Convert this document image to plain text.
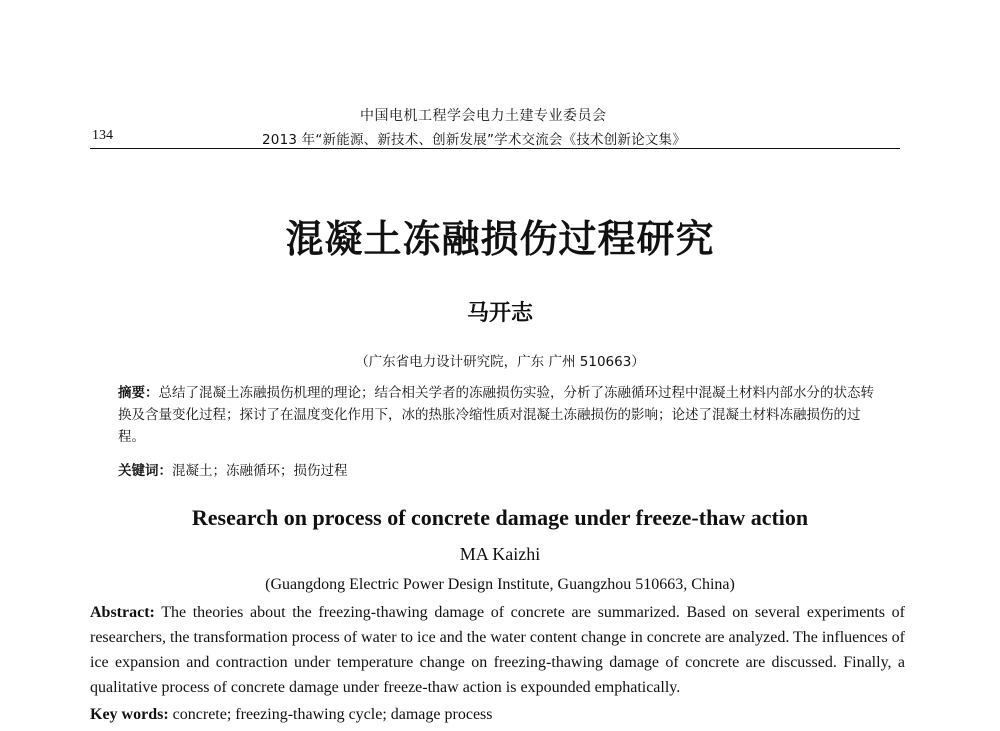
中国电机工程学会电力土建专业委员会
134	2013 年“新能源、新技术、创新发展”学术交流会《技术创新论文集》
混凝土冻融损伤过程研究
马开志
（广东省电力设计研究院，广东 广州 510663）
摘要：总结了混凝土冻融损伤机理的理论；结合相关学者的冻融损伤实验，分析了冻融循环过程中混凝土材料内部水分的状态转换及含量变化过程；探讨了在温度变化作用下，冰的热胀冷缩性质对混凝土冻融损伤的影响；论述了混凝土材料冻融损伤的过程。
关键词：混凝土；冻融循环；损伤过程
Research on process of concrete damage under freeze-thaw action
MA Kaizhi
(Guangdong Electric Power Design Institute, Guangzhou 510663, China)
Abstract: The theories about the freezing-thawing damage of concrete are summarized. Based on several experiments of researchers, the transformation process of water to ice and the water content change in concrete are analyzed. The influences of ice expansion and contraction under temperature change on freezing-thawing damage of concrete are discussed. Finally, a qualitative process of concrete damage under freeze-thaw action is expounded emphatically.
Key words: concrete; freezing-thawing cycle; damage process
